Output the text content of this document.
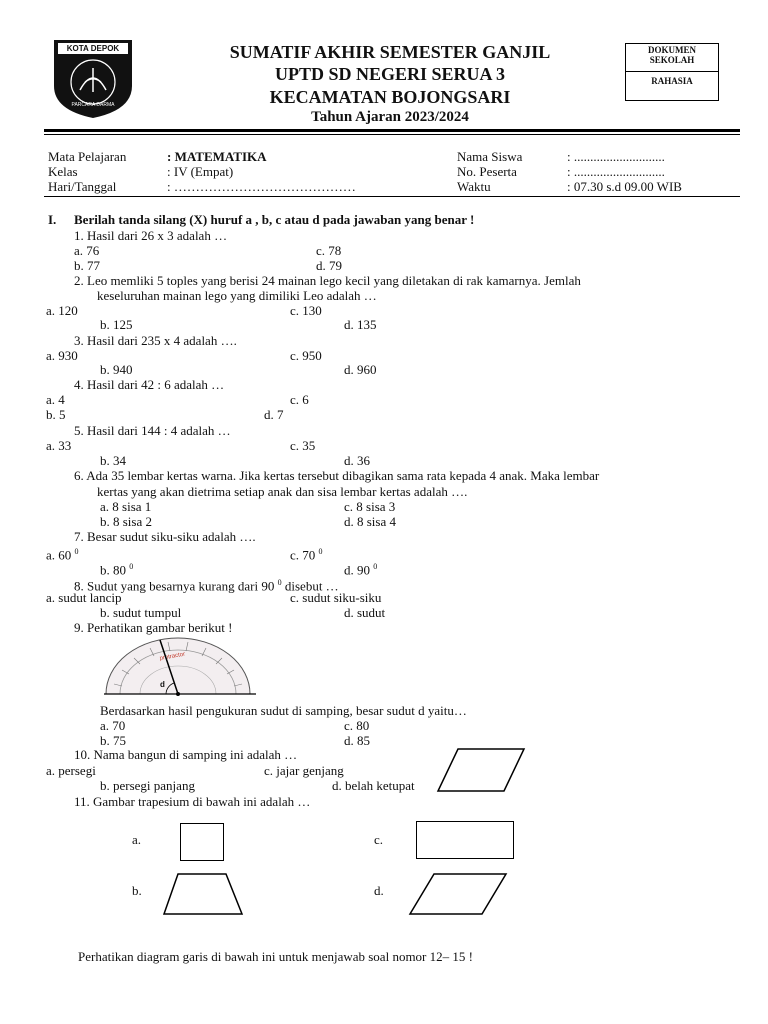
KOTA DEPOK
PARCARA DARMA
SUMATIF AKHIR SEMESTER GANJIL
UPTD SD NEGERI SERUA 3
KECAMATAN BOJONGSARI
Tahun Ajaran 2023/2024
DOKUMEN
SEKOLAH
RAHASIA
Mata Pelajaran	: MATEMATIKA
Kelas	: IV (Empat)
Hari/Tanggal	: ……………………………………
Nama Siswa	: ............................
No. Peserta	: ............................
Waktu	: 07.30 s.d 09.00 WIB
I. Berilah tanda silang (X) huruf a , b, c atau d pada jawaban yang benar !
1. Hasil dari 26 x 3 adalah …
a. 76	c. 78
b. 77	d. 79
2. Leo memliki 5 toples yang berisi 24 mainan lego kecil yang diletakan di rak kamarnya. Jemlah
keseluruhan mainan lego yang dimiliki Leo adalah …
a. 120	c. 130
b. 125	d. 135
3. Hasil dari 235 x 4 adalah ….
a. 930	c. 950
b. 940	d. 960
4. Hasil dari 42 : 6 adalah …
a. 4	c. 6
b. 5	d. 7
5. Hasil dari 144 : 4 adalah …
a. 33	c. 35
b. 34	d. 36
6. Ada 35 lembar kertas warna. Jika kertas tersebut dibagikan sama rata kepada 4 anak. Maka lembar
kertas yang akan dietrima setiap anak dan sisa lembar kertas adalah ….
a. 8 sisa 1	c. 8 sisa 3
b. 8 sisa 2	d. 8 sisa 4
7. Besar sudut siku-siku adalah ….
a. 60 $^0$	c. 70 $^0$
b. 80 $^0$	d. 90 $^0$
8. Sudut yang besarnya kurang dari 90 $^0$ disebut …
a. sudut lancip	c. sudut siku-siku
b. sudut tumpul	d. sudut
9. Perhatikan gambar berikut !
protractor
d
Berdasarkan hasil pengukuran sudut di samping, besar sudut d yaitu…
a. 70	c. 80
b. 75	d. 85
10. Nama bangun di samping ini adalah …
a. persegi	c. jajar genjang
b. persegi panjang	d. belah ketupat
11. Gambar trapesium di bawah ini adalah …
a.	c.
b.	d.
Perhatikan diagram garis di bawah ini untuk menjawab soal nomor 12– 15 !
